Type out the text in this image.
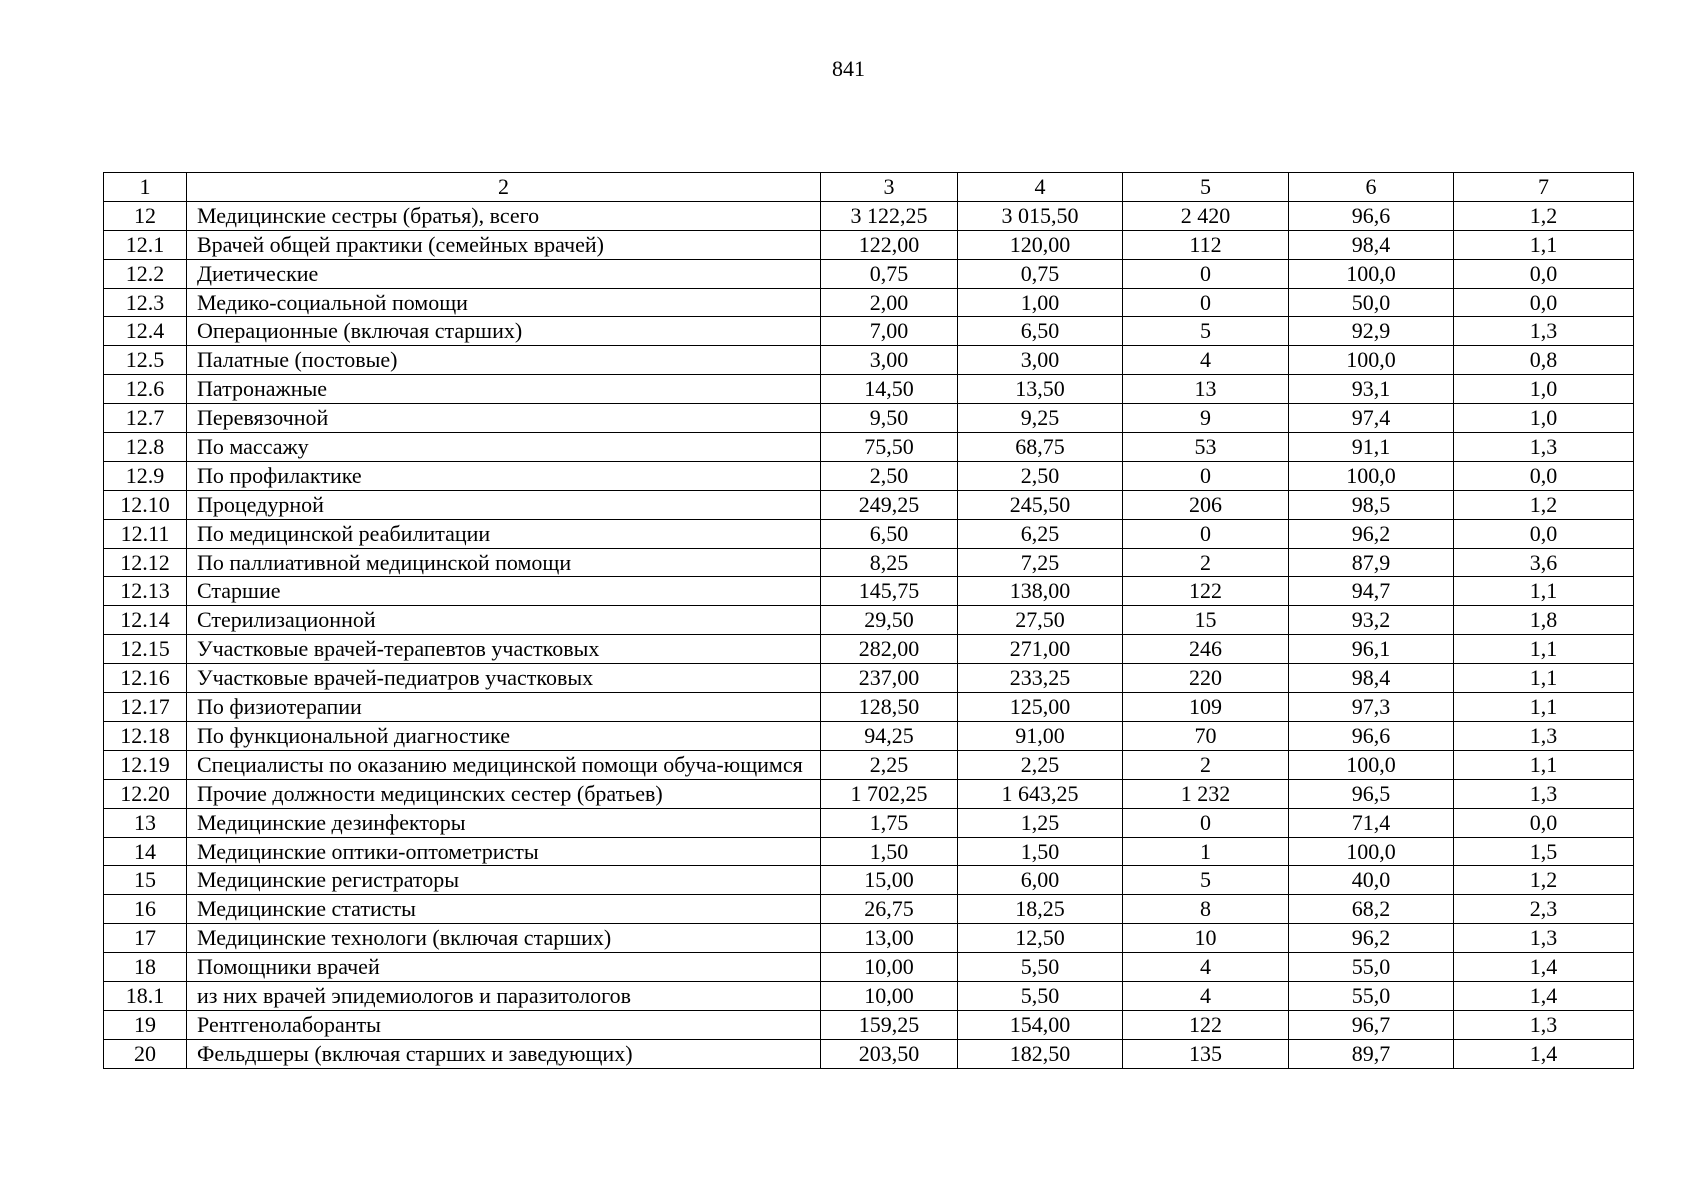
841
1	2	3	4	5	6	7
12	Медицинские сестры (братья), всего	3 122,25	3 015,50	2 420	96,6	1,2
12.1	Врачей общей практики (семейных врачей)	122,00	120,00	112	98,4	1,1
12.2	Диетические	0,75	0,75	0	100,0	0,0
12.3	Медико-социальной помощи	2,00	1,00	0	50,0	0,0
12.4	Операционные (включая старших)	7,00	6,50	5	92,9	1,3
12.5	Палатные (постовые)	3,00	3,00	4	100,0	0,8
12.6	Патронажные	14,50	13,50	13	93,1	1,0
12.7	Перевязочной	9,50	9,25	9	97,4	1,0
12.8	По массажу	75,50	68,75	53	91,1	1,3
12.9	По профилактике	2,50	2,50	0	100,0	0,0
12.10	Процедурной	249,25	245,50	206	98,5	1,2
12.11	По медицинской реабилитации	6,50	6,25	0	96,2	0,0
12.12	По паллиативной медицинской помощи	8,25	7,25	2	87,9	3,6
12.13	Старшие	145,75	138,00	122	94,7	1,1
12.14	Стерилизационной	29,50	27,50	15	93,2	1,8
12.15	Участковые врачей-терапевтов участковых	282,00	271,00	246	96,1	1,1
12.16	Участковые врачей-педиатров участковых	237,00	233,25	220	98,4	1,1
12.17	По физиотерапии	128,50	125,00	109	97,3	1,1
12.18	По функциональной диагностике	94,25	91,00	70	96,6	1,3
12.19	Специалисты по оказанию медицинской помощи обуча-ющимся	2,25	2,25	2	100,0	1,1
12.20	Прочие должности медицинских сестер (братьев)	1 702,25	1 643,25	1 232	96,5	1,3
13	Медицинские дезинфекторы	1,75	1,25	0	71,4	0,0
14	Медицинские оптики-оптометристы	1,50	1,50	1	100,0	1,5
15	Медицинские регистраторы	15,00	6,00	5	40,0	1,2
16	Медицинские статисты	26,75	18,25	8	68,2	2,3
17	Медицинские технологи (включая старших)	13,00	12,50	10	96,2	1,3
18	Помощники врачей	10,00	5,50	4	55,0	1,4
18.1	из них врачей эпидемиологов и паразитологов	10,00	5,50	4	55,0	1,4
19	Рентгенолаборанты	159,25	154,00	122	96,7	1,3
20	Фельдшеры (включая старших и заведующих)	203,50	182,50	135	89,7	1,4
